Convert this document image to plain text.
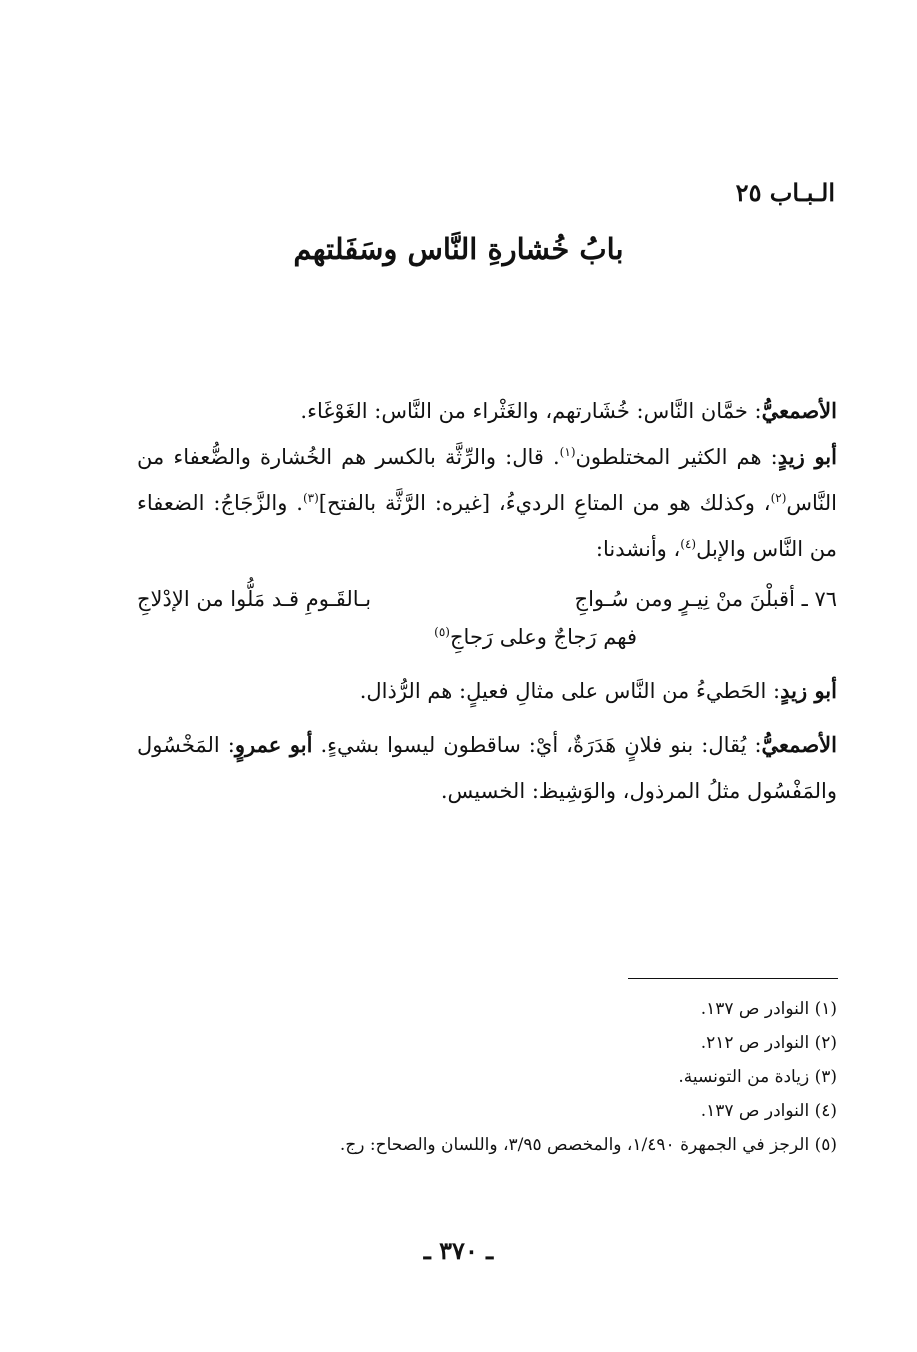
الـبـاب ٢٥
بابُ خُشارةِ النَّاس وسَفَلتهم

الأصمعيُّ: خمَّان النَّاس: خُشَارتهم، والغَثْراء من النَّاس: الغَوْغَاء.

أبو زيدٍ: هم الكثير المختلطون$^{(١)}$. قال: والرِّثَّة بالكسر هم الخُشارة والضُّعفاء من النَّاس$^{(٢)}$، وكذلك هو من المتاعِ الرديءُ، [غيره: الرَّثَّة بالفتح]$^{(٣)}$. والزَّجَاجُ: الضعفاء من النَّاس والإبل$^{(٤)}$، وأنشدنا:

٧٦ ـ أقبلْنَ منْ نِيـرٍ ومن سُـواجِ
بـالقَـومِ قـد مَلُّوا من الإدْلاجِ
فهم رَجاجٌ وعلى رَجاجِ$^{(٥)}$

أبو زيدٍ: الحَطيءُ من النَّاس على مثالِ فعيلٍ: هم الرُّذال.

الأصمعيُّ: يُقال: بنو فلانٍ هَدَرَةٌ، أيْ: ساقطون ليسوا بشيءٍ. أبو عمروٍ: المَخْسُول والمَفْسُول مثلُ المرذول، والوَشِيظ: الخسيس.

(١) النوادر ص ١٣٧.
(٢) النوادر ص ٢١٢.
(٣) زيادة من التونسية.
(٤) النوادر ص ١٣٧.
(٥) الرجز في الجمهرة ١/٤٩٠، والمخصص ٣/٩٥، واللسان والصحاح: رج.
ـ ٣٧٠ ـ
